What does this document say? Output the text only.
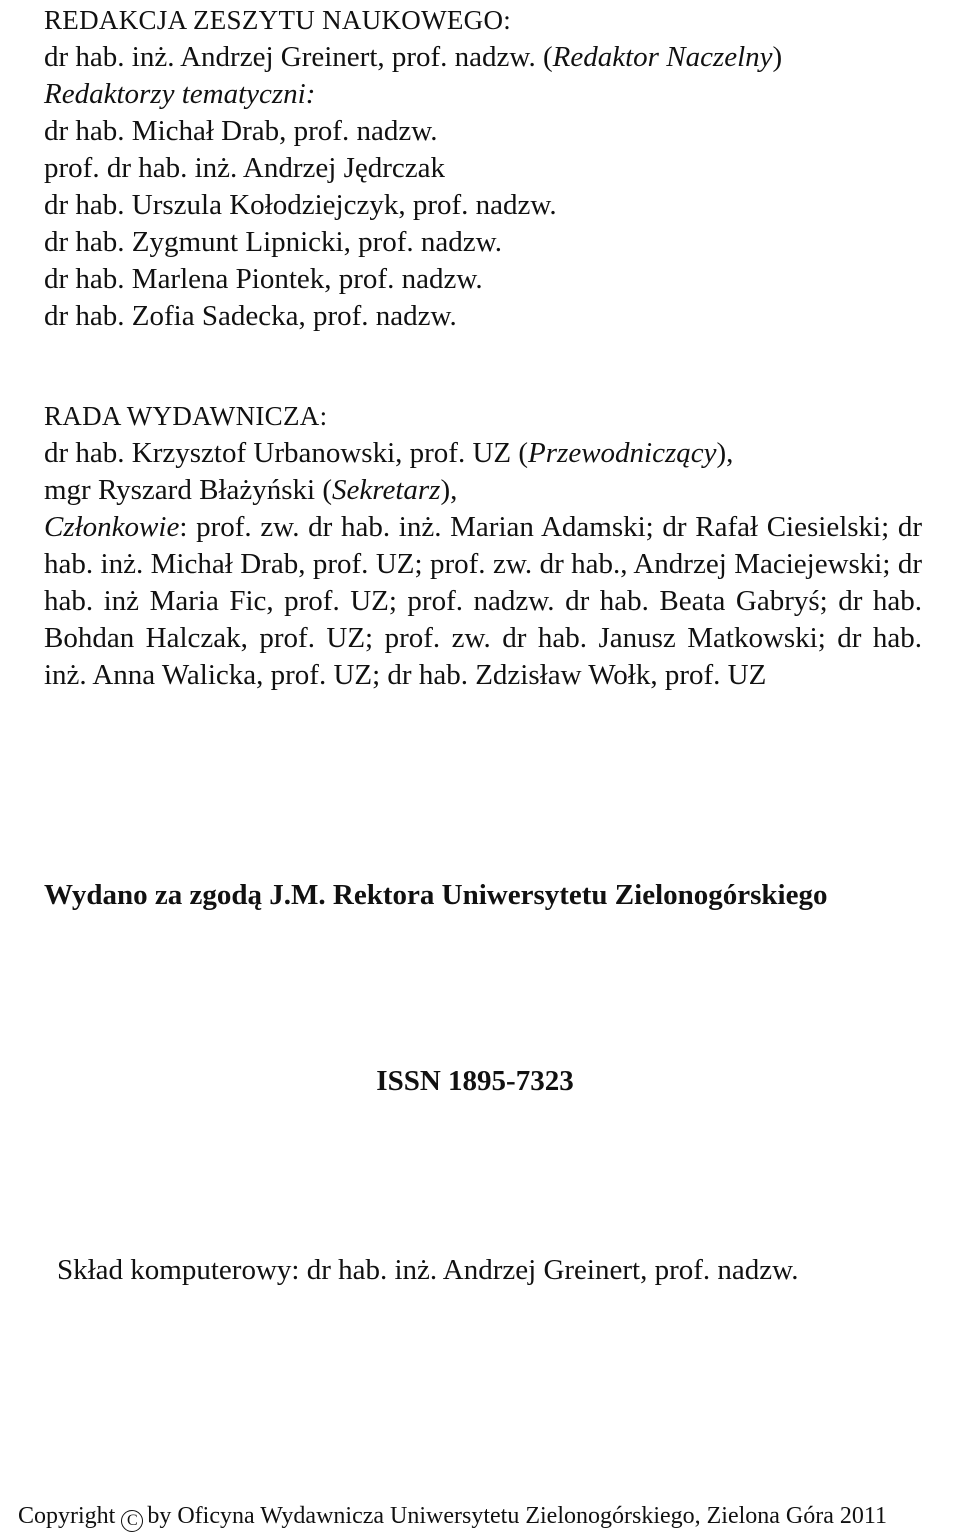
REDAKCJA ZESZYTU NAUKOWEGO:
dr hab. inż. Andrzej Greinert, prof. nadzw. (Redaktor Naczelny)
Redaktorzy tematyczni:
dr hab. Michał Drab, prof. nadzw.
prof. dr hab. inż. Andrzej Jędrczak
dr hab. Urszula Kołodziejczyk, prof. nadzw.
dr hab. Zygmunt Lipnicki, prof. nadzw.
dr hab. Marlena Piontek, prof. nadzw.
dr hab. Zofia Sadecka, prof. nadzw.
RADA WYDAWNICZA:
dr hab. Krzysztof Urbanowski, prof. UZ (Przewodniczący),
mgr Ryszard Błażyński (Sekretarz),

Członkowie: prof. zw. dr hab. inż. Marian Adamski; dr Rafał Ciesielski; dr hab. inż. Michał Drab, prof. UZ; prof. zw. dr hab., Andrzej Maciejewski; dr hab. inż Maria Fic, prof. UZ; prof. nadzw. dr hab. Beata Gabryś; dr hab. Bohdan Halczak, prof. UZ; prof. zw. dr hab. Janusz Matkowski; dr hab. inż. Anna Walicka, prof. UZ; dr hab. Zdzisław Wołk, prof. UZ

Wydano za zgodą J.M. Rektora Uniwersytetu Zielonogórskiego
ISSN 1895-7323
Skład komputerowy: dr hab. inż. Andrzej Greinert, prof. nadzw.
Copyright C by Oficyna Wydawnicza Uniwersytetu Zielonogórskiego, Zielona Góra 2011
